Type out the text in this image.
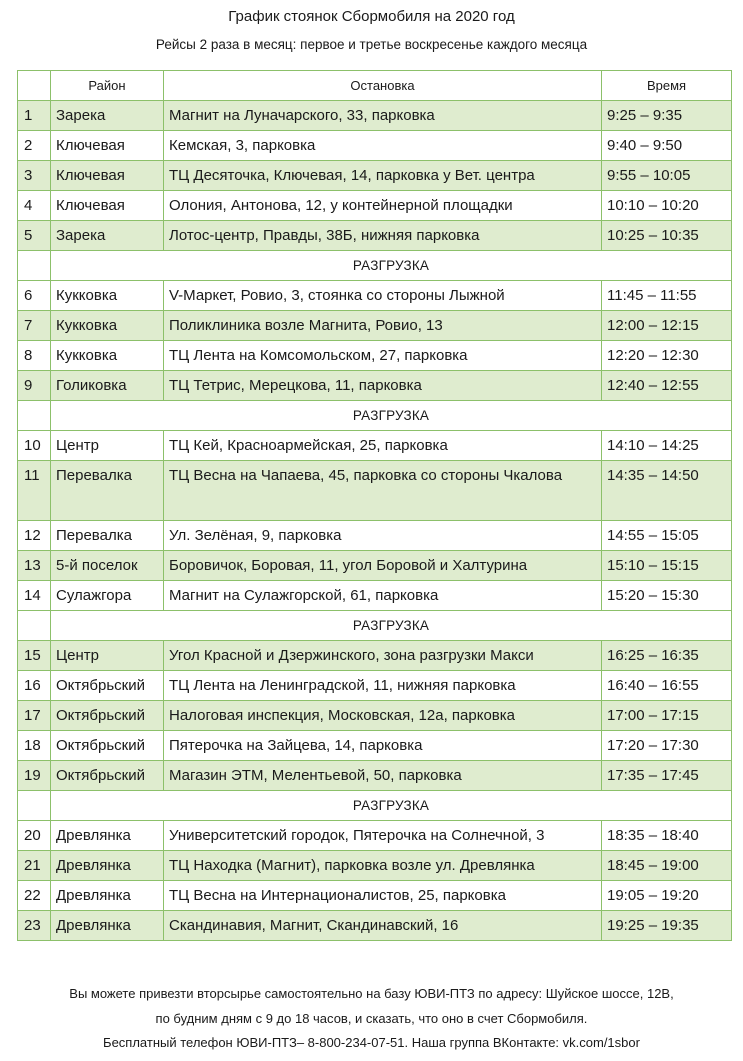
График стоянок Сбормобиля на 2020 год
Рейсы 2 раза в месяц: первое и третье воскресенье каждого месяца
	Район	Остановка	Время
1	Зарека	Магнит на Луначарского, 33, парковка	9:25 – 9:35
2	Ключевая	Кемская, 3, парковка	9:40 – 9:50
3	Ключевая	ТЦ Десяточка, Ключевая, 14, парковка у Вет. центра	9:55 – 10:05
4	Ключевая	Олония, Антонова, 12, у контейнерной площадки	10:10 – 10:20
5	Зарека	Лотос-центр, Правды, 38Б, нижняя парковка	10:25 – 10:35
	РАЗГРУЗКА		
6	Кукковка	V-Маркет, Ровио, 3, стоянка со стороны Лыжной	11:45 – 11:55
7	Кукковка	Поликлиника возле Магнита, Ровио, 13	12:00 – 12:15
8	Кукковка	ТЦ Лента на Комсомольском, 27, парковка	12:20 – 12:30
9	Голиковка	ТЦ Тетрис, Мерецкова, 11, парковка	12:40 – 12:55
	РАЗГРУЗКА		
10	Центр	ТЦ Кей, Красноармейская, 25, парковка	14:10 – 14:25
11	Перевалка	ТЦ Весна на Чапаева, 45, парковка со стороны Чкалова	14:35 – 14:50
12	Перевалка	Ул. Зелёная, 9, парковка	14:55 – 15:05
13	5-й поселок	Боровичок, Боровая, 11, угол Боровой и Халтурина	15:10 – 15:15
14	Сулажгора	Магнит на Сулажгорской, 61, парковка	15:20 – 15:30
	РАЗГРУЗКА		
15	Центр	Угол Красной и Дзержинского, зона разгрузки Макси	16:25 – 16:35
16	Октябрьский	ТЦ Лента на Ленинградской, 11, нижняя парковка	16:40 – 16:55
17	Октябрьский	Налоговая инспекция, Московская, 12а, парковка	17:00 – 17:15
18	Октябрьский	Пятерочка на Зайцева, 14, парковка	17:20 – 17:30
19	Октябрьский	Магазин ЭТМ, Мелентьевой, 50, парковка	17:35 – 17:45
	РАЗГРУЗКА		
20	Древлянка	Университетский городок, Пятерочка на Солнечной, 3	18:35 – 18:40
21	Древлянка	ТЦ Находка (Магнит), парковка возле ул. Древлянка	18:45 – 19:00
22	Древлянка	ТЦ Весна на Интернационалистов, 25, парковка	19:05 – 19:20
23	Древлянка	Скандинавия, Магнит, Скандинавский, 16	19:25 – 19:35
Вы можете привезти вторсырье самостоятельно на базу ЮВИ-ПТЗ по адресу: Шуйское шоссе, 12В,
по будним дням с 9 до 18 часов, и сказать, что оно в счет Сбормобиля.
Бесплатный телефон ЮВИ-ПТЗ– 8-800-234-07-51. Наша группа ВКонтакте: vk.com/1sbor
